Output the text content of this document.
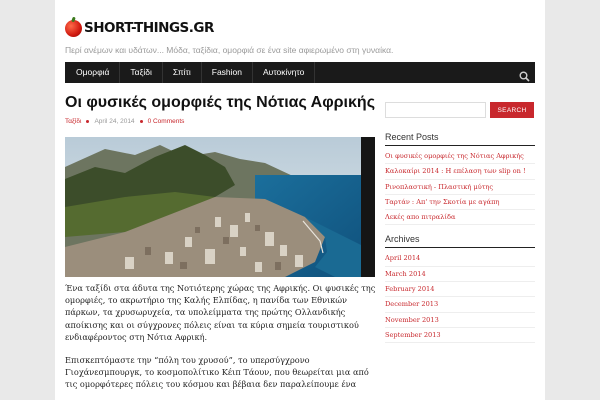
SHORT-THINGS.GR
Περί ανέμων και υδάτων... Μόδα, ταξίδια, ομορφιά σε ένα site αφιερωμένο στη γυναίκα.
Ομορφιά	Ταξίδι	Σπίτι	Fashion	Αυτοκίνητο
Οι φυσικές ομορφιές της Νότιας Αφρικής
Ταξίδι April 24, 2014 0 Comments

Ένα ταξίδι στα άδυτα της Νοτιότερης χώρας της Αφρικής. Οι φυσικές της ομορφιές, το ακρωτήριο της Καλής Ελπίδας, η πανίδα των Εθνικών πάρκων, τα χρυσωρυχεία, τα υπολείμματα της πρώτης Ολλανδικής αποίκισης και οι σύγχρονες πόλεις είναι τα κύρια σημεία τουριστικού ενδιαφέροντος στη Νότια Αφρική.

Επισκεπτόμαστε την “πόλη του χρυσού”, το υπερσύγχρονο Γιοχάνεσμπουργκ, το κοσμοπολίτικο Κέιπ Τάουν, που θεωρείται μια από τις ομορφότερες πόλεις του κόσμου και βέβαια δεν παραλείπουμε ένα

SEARCH
Recent Posts
Οι φυσικές ομορφιές της Νότιας Αφρικής
Καλοκαίρι 2014 : Η επέλαση των slip on !
Ρινοπλαστική - Πλαστική μύτης
Ταρτάν : Απ' την Σκοτία με αγάπη
Λεκές απο πιτραλίδα
Archives
April 2014
March 2014
February 2014
December 2013
November 2013
September 2013
